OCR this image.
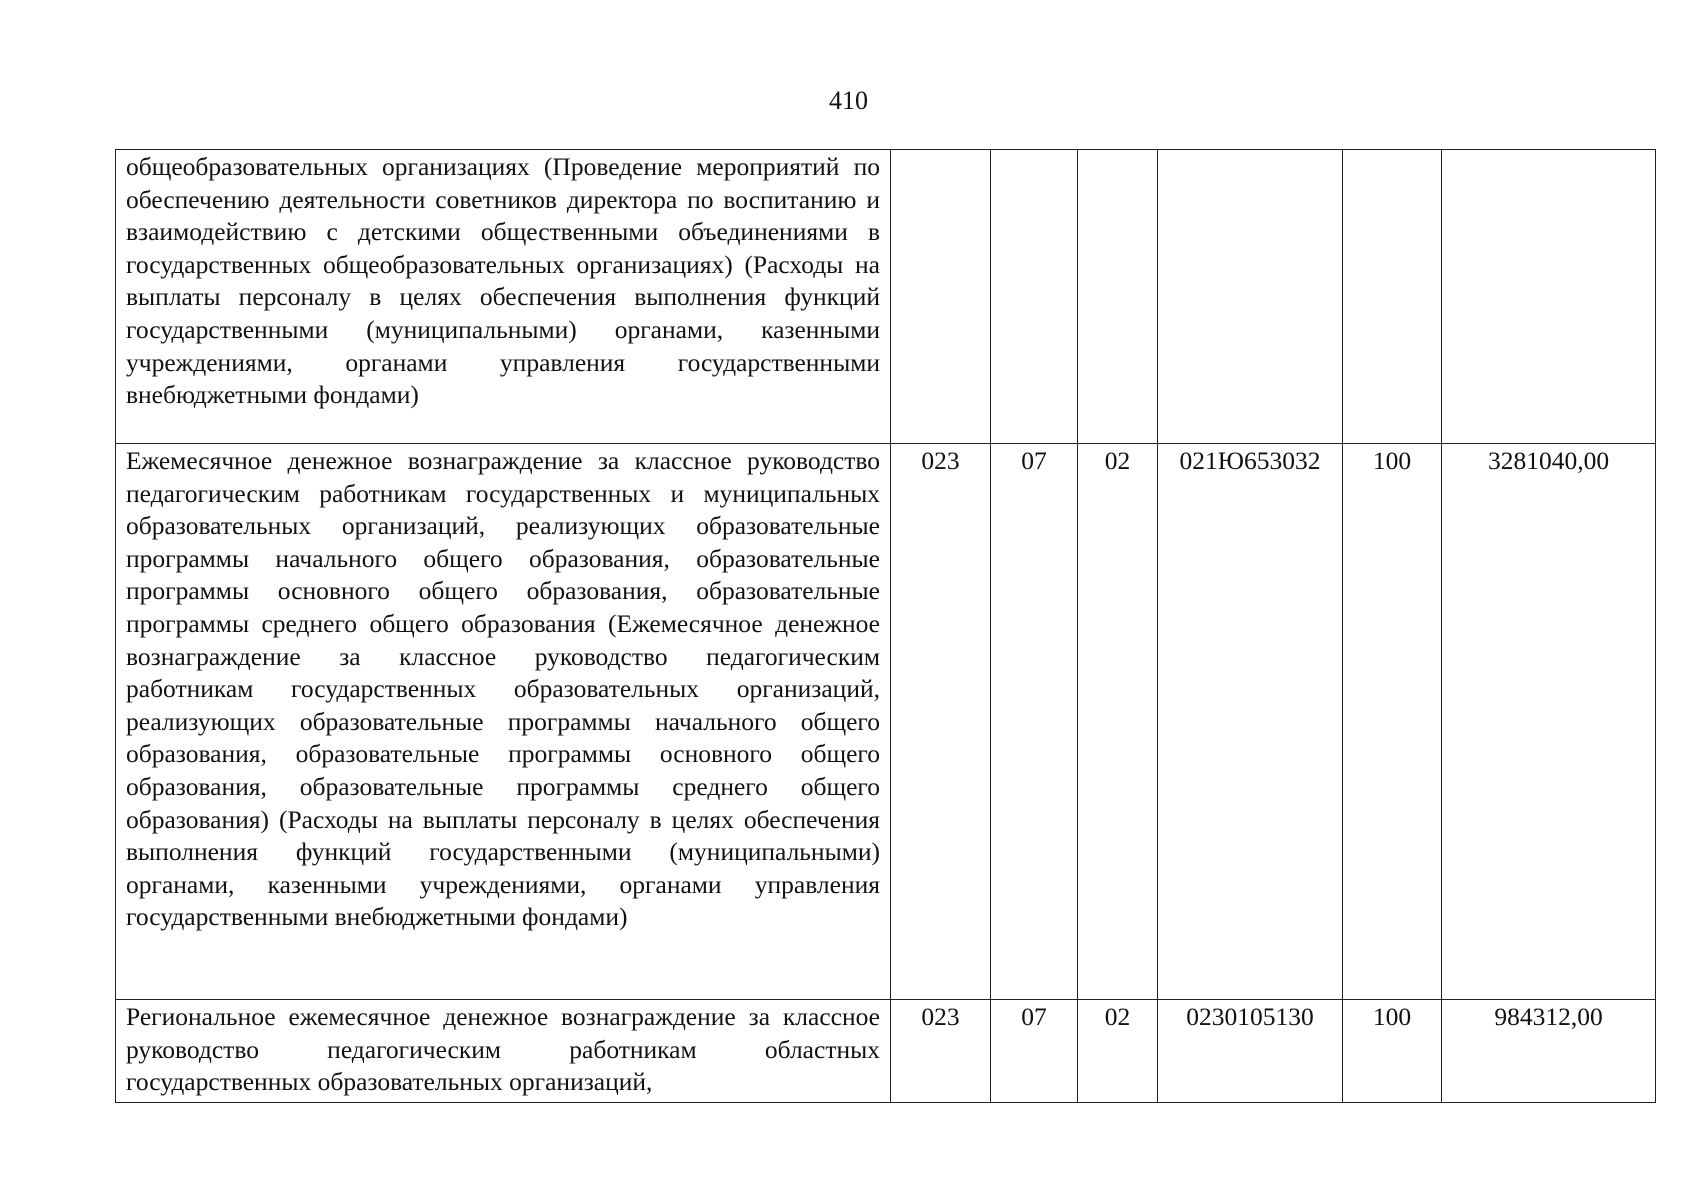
410
общеобразовательных организациях (Проведение мероприятий по обеспечению деятельности советников директора по воспитанию и взаимодействию с детскими общественными объединениями в государственных общеобразовательных организациях) (Расходы на выплаты персоналу в целях обеспечения выполнения функций государственными (муниципальными) органами, казенными учреждениями, органами управления государственными внебюджетными фондами)						
Ежемесячное денежное вознаграждение за классное руководство педагогическим работникам государственных и муниципальных образовательных организаций, реализующих образовательные программы начального общего образования, образовательные программы основного общего образования, образовательные программы среднего общего образования (Ежемесячное денежное вознаграждение за классное руководство педагогическим работникам государственных образовательных организаций, реализующих образовательные программы начального общего образования, образовательные программы основного общего образования, образовательные программы среднего общего образования) (Расходы на выплаты персоналу в целях обеспечения выполнения функций государственными (муниципальными) органами, казенными учреждениями, органами управления государственными внебюджетными фондами)	023	07	02	021Ю653032	100	3281040,00
Региональное ежемесячное денежное вознаграждение за классное руководство педагогическим работникам областных государственных образовательных организаций,	023	07	02	0230105130	100	984312,00
